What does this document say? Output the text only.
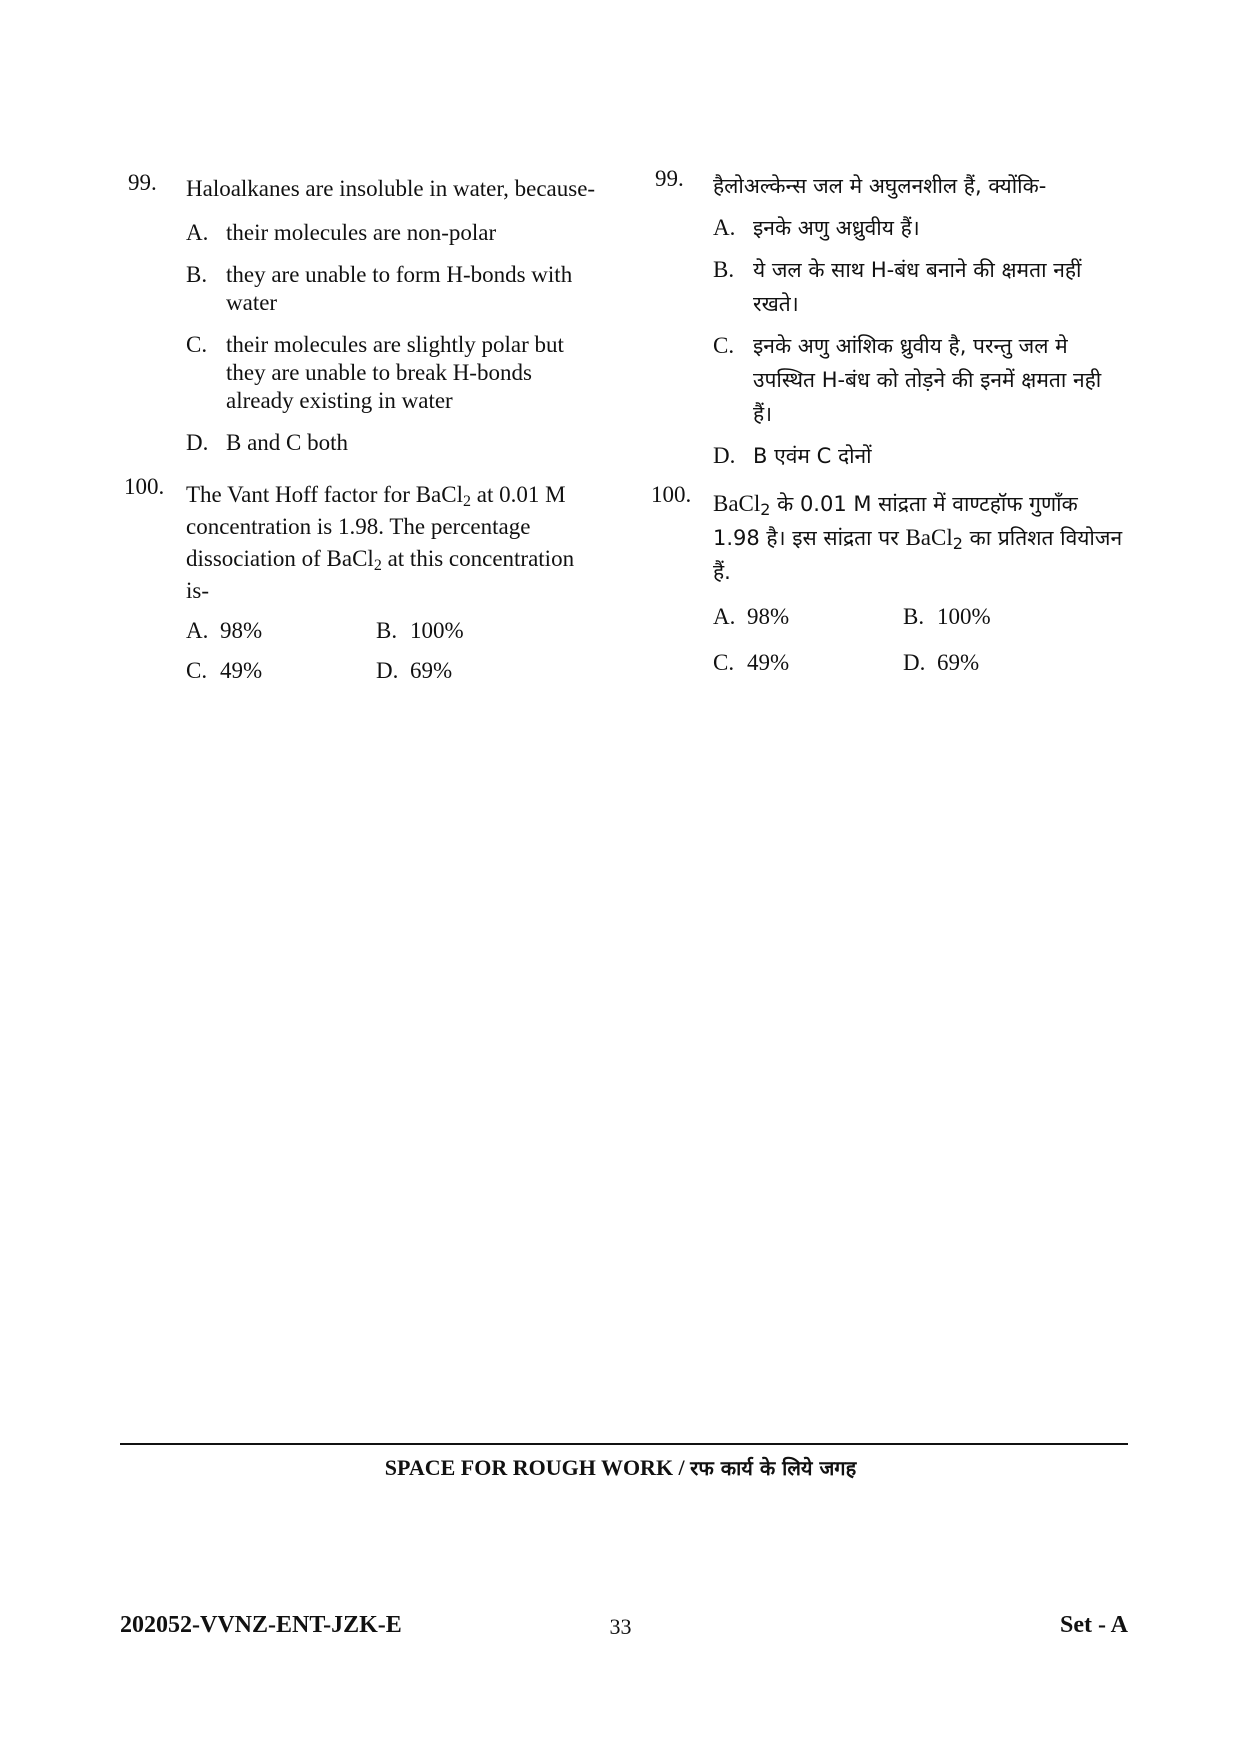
99. Haloalkanes are insoluble in water, because-
A. their molecules are non-polar
B. they are unable to form H-bonds with water
C. their molecules are slightly polar but they are unable to break H-bonds already existing in water
D. B and C both
100. The Vant Hoff factor for BaCl$_2$ at 0.01 M concentration is 1.98. The percentage dissociation of BaCl$_2$ at this concentration is-
A. 98%	B. 100%
C. 49%	D. 69%
99. हैलोअल्केन्स जल मे अघुलनशील हैं, क्योंकि-
A. इनके अणु अध्रुवीय हैं।
B. ये जल के साथ H-बंध बनाने की क्षमता नहीं रखते।
C. इनके अणु आंशिक ध्रुवीय है, परन्तु जल मे उपस्थित H-बंध को तोड़ने की इनमें क्षमता नही हैं।
D. B एवंम C दोनों
100. BaCl$_2$ के 0.01 M सांद्रता में वाण्टहॉफ गुणाँक 1.98 है। इस सांद्रता पर BaCl$_2$ का प्रतिशत वियोजन हैं.
A. 98%	B. 100%
C. 49%	D. 69%
SPACE FOR ROUGH WORK / रफ कार्य के लिये जगह
202052-VVNZ-ENT-JZK-E	33	Set - A
